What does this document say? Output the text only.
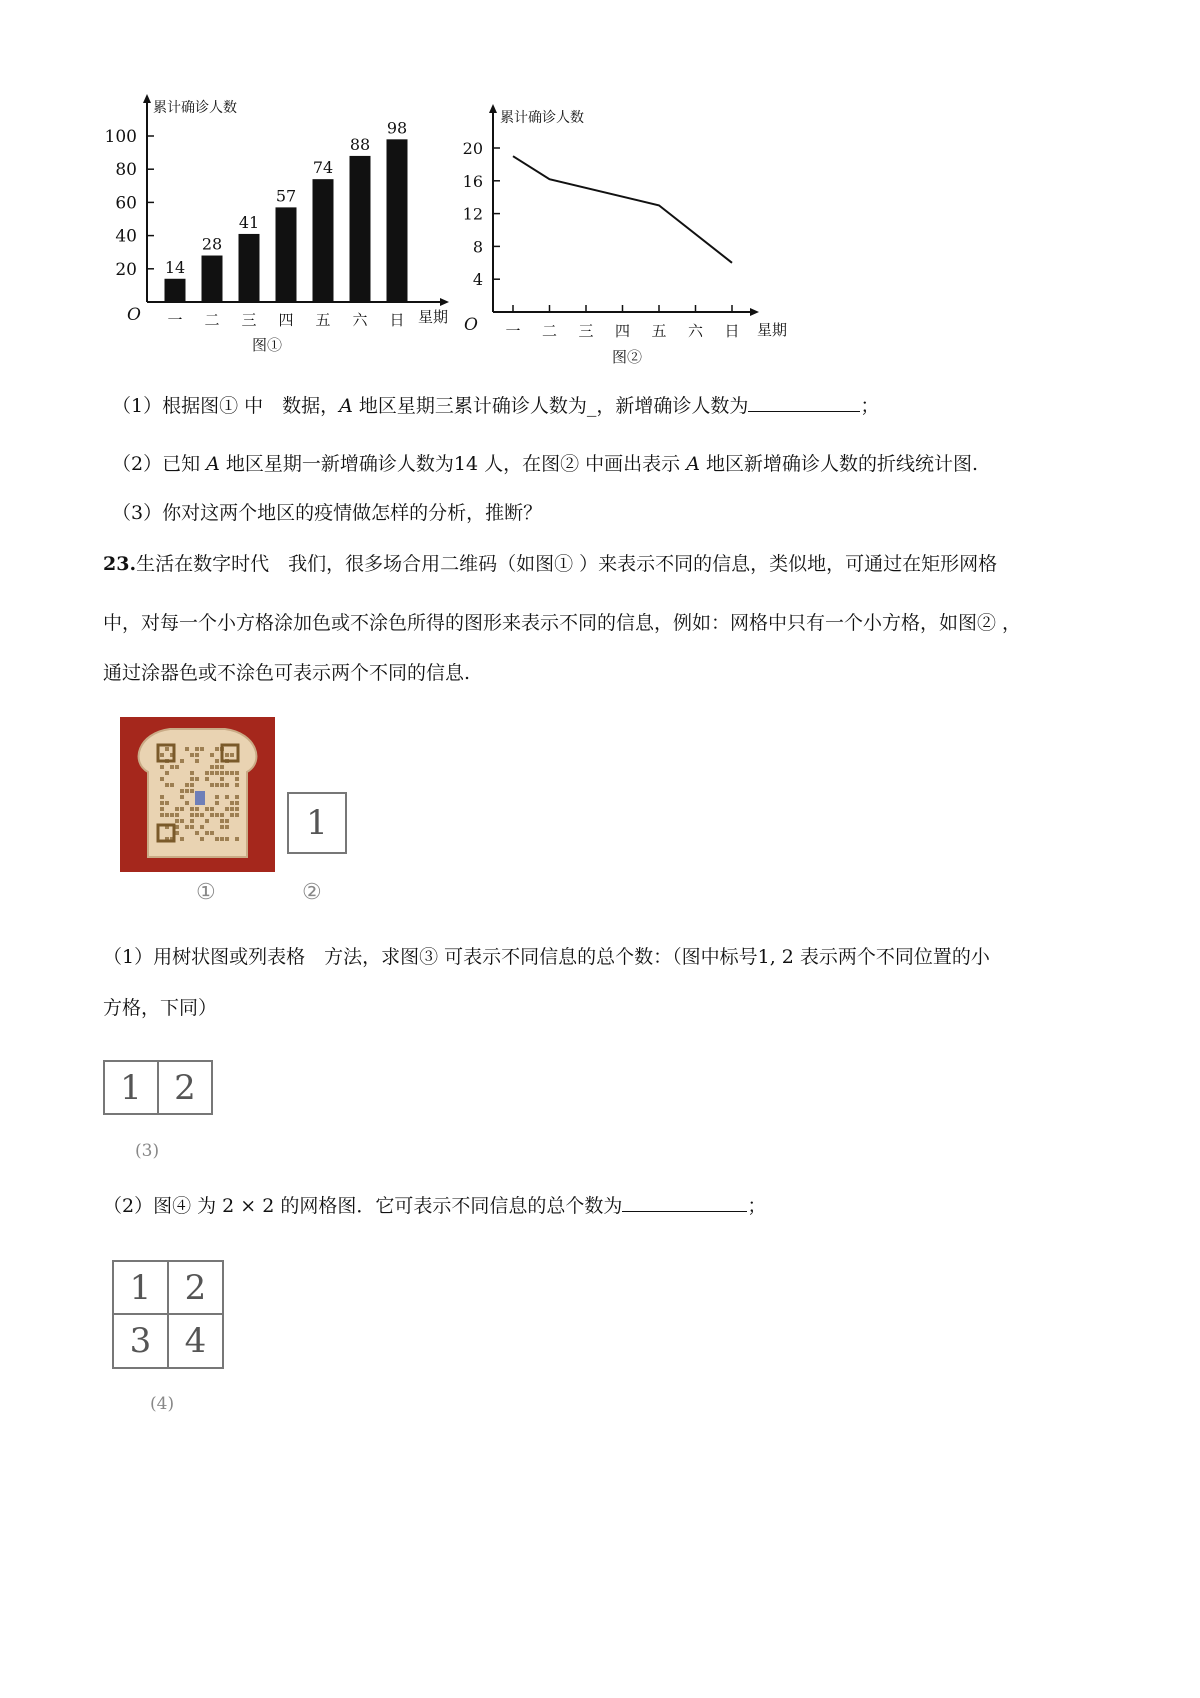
累计确诊人数
O	星期
图①
20
40
60
80
100
14
一
28
二
41
三
57
四
74
五
88
六
98
日
累计确诊人数
O	星期
图②
4
8
12
16
20
一 二 三 四 五 六 日
（1）根据图① 中　数据，A 地区星期三累计确诊人数为_，新增确诊人数为	；
（2）已知 A 地区星期一新增确诊人数为14 人，在图② 中画出表示 A 地区新增确诊人数的折线统计图.
（3）你对这两个地区的疫情做怎样的分析，推断？
23.生活在数字时代　我们，很多场合用二维码（如图① ）来表示不同的信息，类似地，可通过在矩形网格
中，对每一个小方格涂加色或不涂色所得的图形来表示不同的信息，例如：网格中只有一个小方格，如图② ，
通过涂器色或不涂色可表示两个不同的信息.
①
1
②
（1）用树状图或列表格　方法，求图③ 可表示不同信息的总个数：（图中标号1, 2 表示两个不同位置的小
方格，下同）
1 2
(3)
（2）图④ 为 2 × 2 的网格图．它可表示不同信息的总个数为	；
1 2
3 4
(4)
